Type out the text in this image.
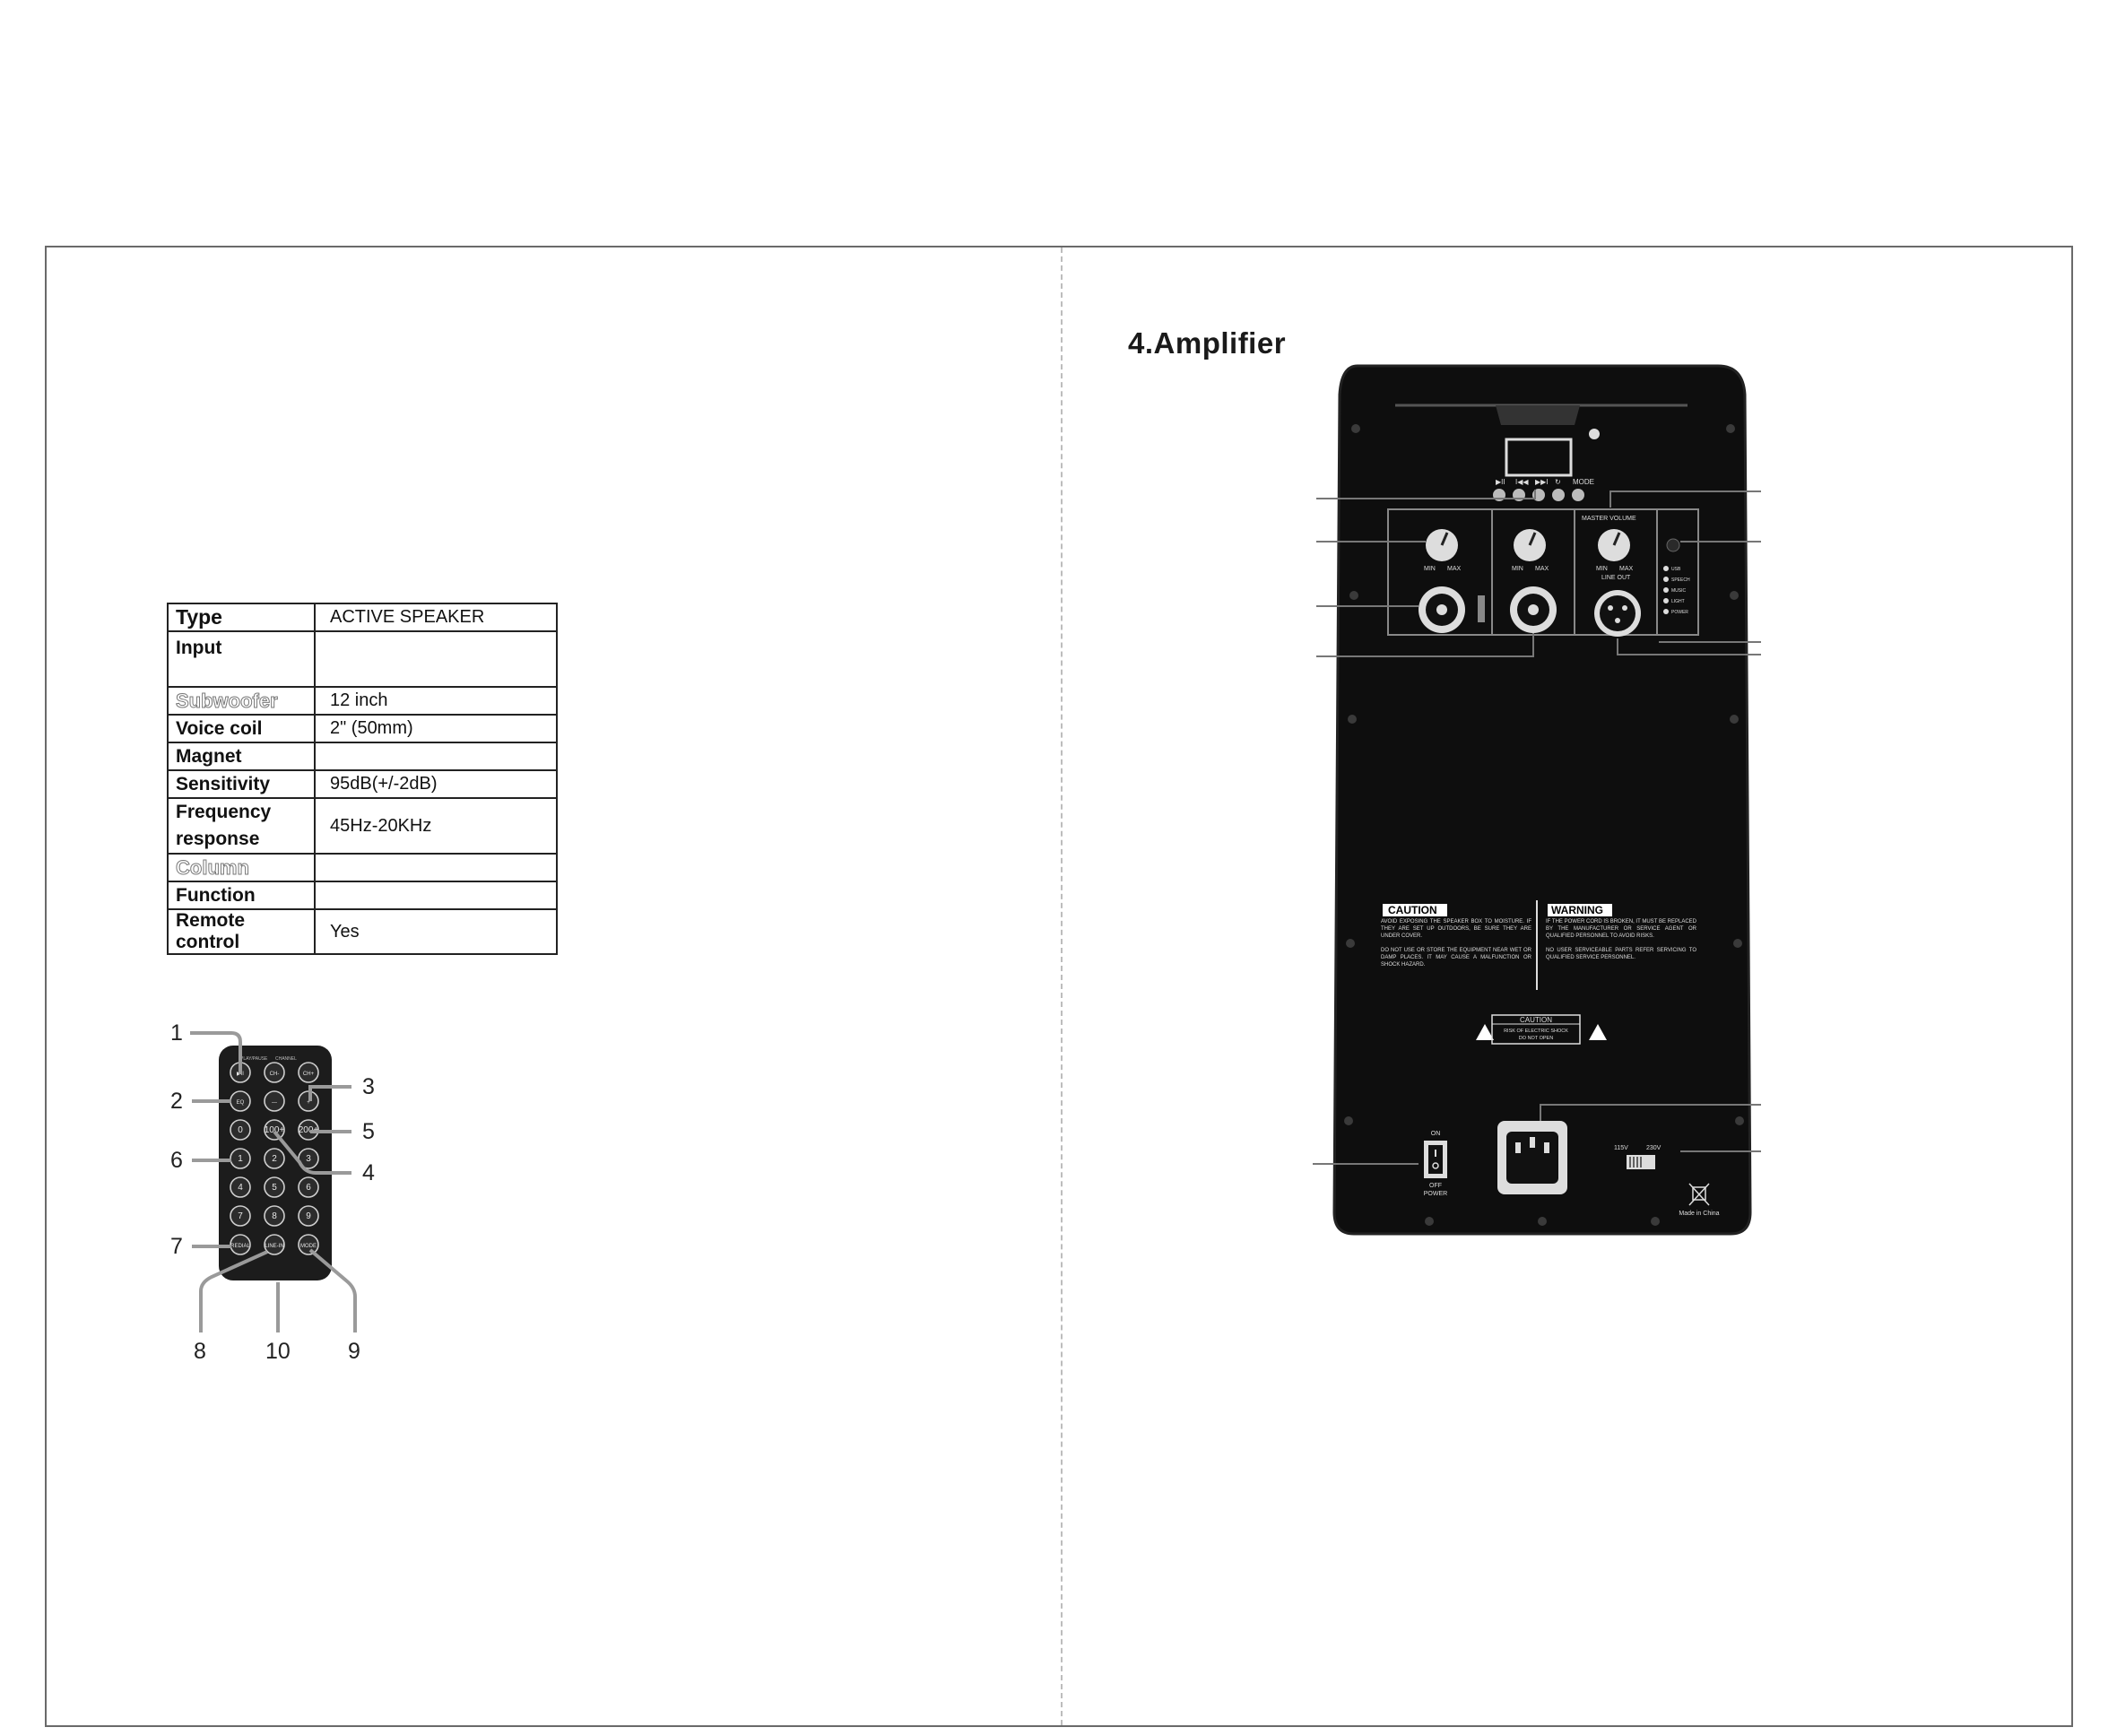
4.Amplifier
Type	ACTIVE SPEAKER
Input	
Subwoofer	12 inch
Voice coil	2" (50mm)
Magnet	
Sensitivity	95dB(+/-2dB)
Frequency response	45Hz-20KHz
Column	
Function	
Remote control	Yes
PLAY/PAUSE CHANNEL
▶II	CH-	CH+
EQ	—	+
0 100+ 200+
1	2	3
4	5	6
7	8	9
REDIAL	LINE-IN	MODE
1
2
3
4
5
6
7
8	10	9
▶II I◀◀ ▶▶I ↻ MODE
MIN MAX	MIN MAX	MIN MAX
MASTER VOLUME
LINE OUT
USB
SPEECH
MUSIC
LIGHT
POWER
CAUTION	WARNING
AVOID EXPOSING THE SPEAKER BOX TO MOISTURE. IF THEY ARE SET UP OUTDOORS, BE SURE THEY ARE UNDER COVER.
DO NOT USE OR STORE THE EQUIPMENT NEAR WET OR DAMP PLACES. IT MAY CAUSE A MALFUNCTION OR SHOCK HAZARD.
IF THE POWER CORD IS BROKEN, IT MUST BE REPLACED BY THE MANUFACTURER OR SERVICE AGENT OR QUALIFIED PERSONNEL TO AVOID RISKS.
NO USER SERVICEABLE PARTS REFER SERVICING TO QUALIFIED SERVICE PERSONNEL.
CAUTION
RISK OF ELECTRIC SHOCK
DO NOT OPEN
ON
OFF
POWER
115V	230V
Made in China
